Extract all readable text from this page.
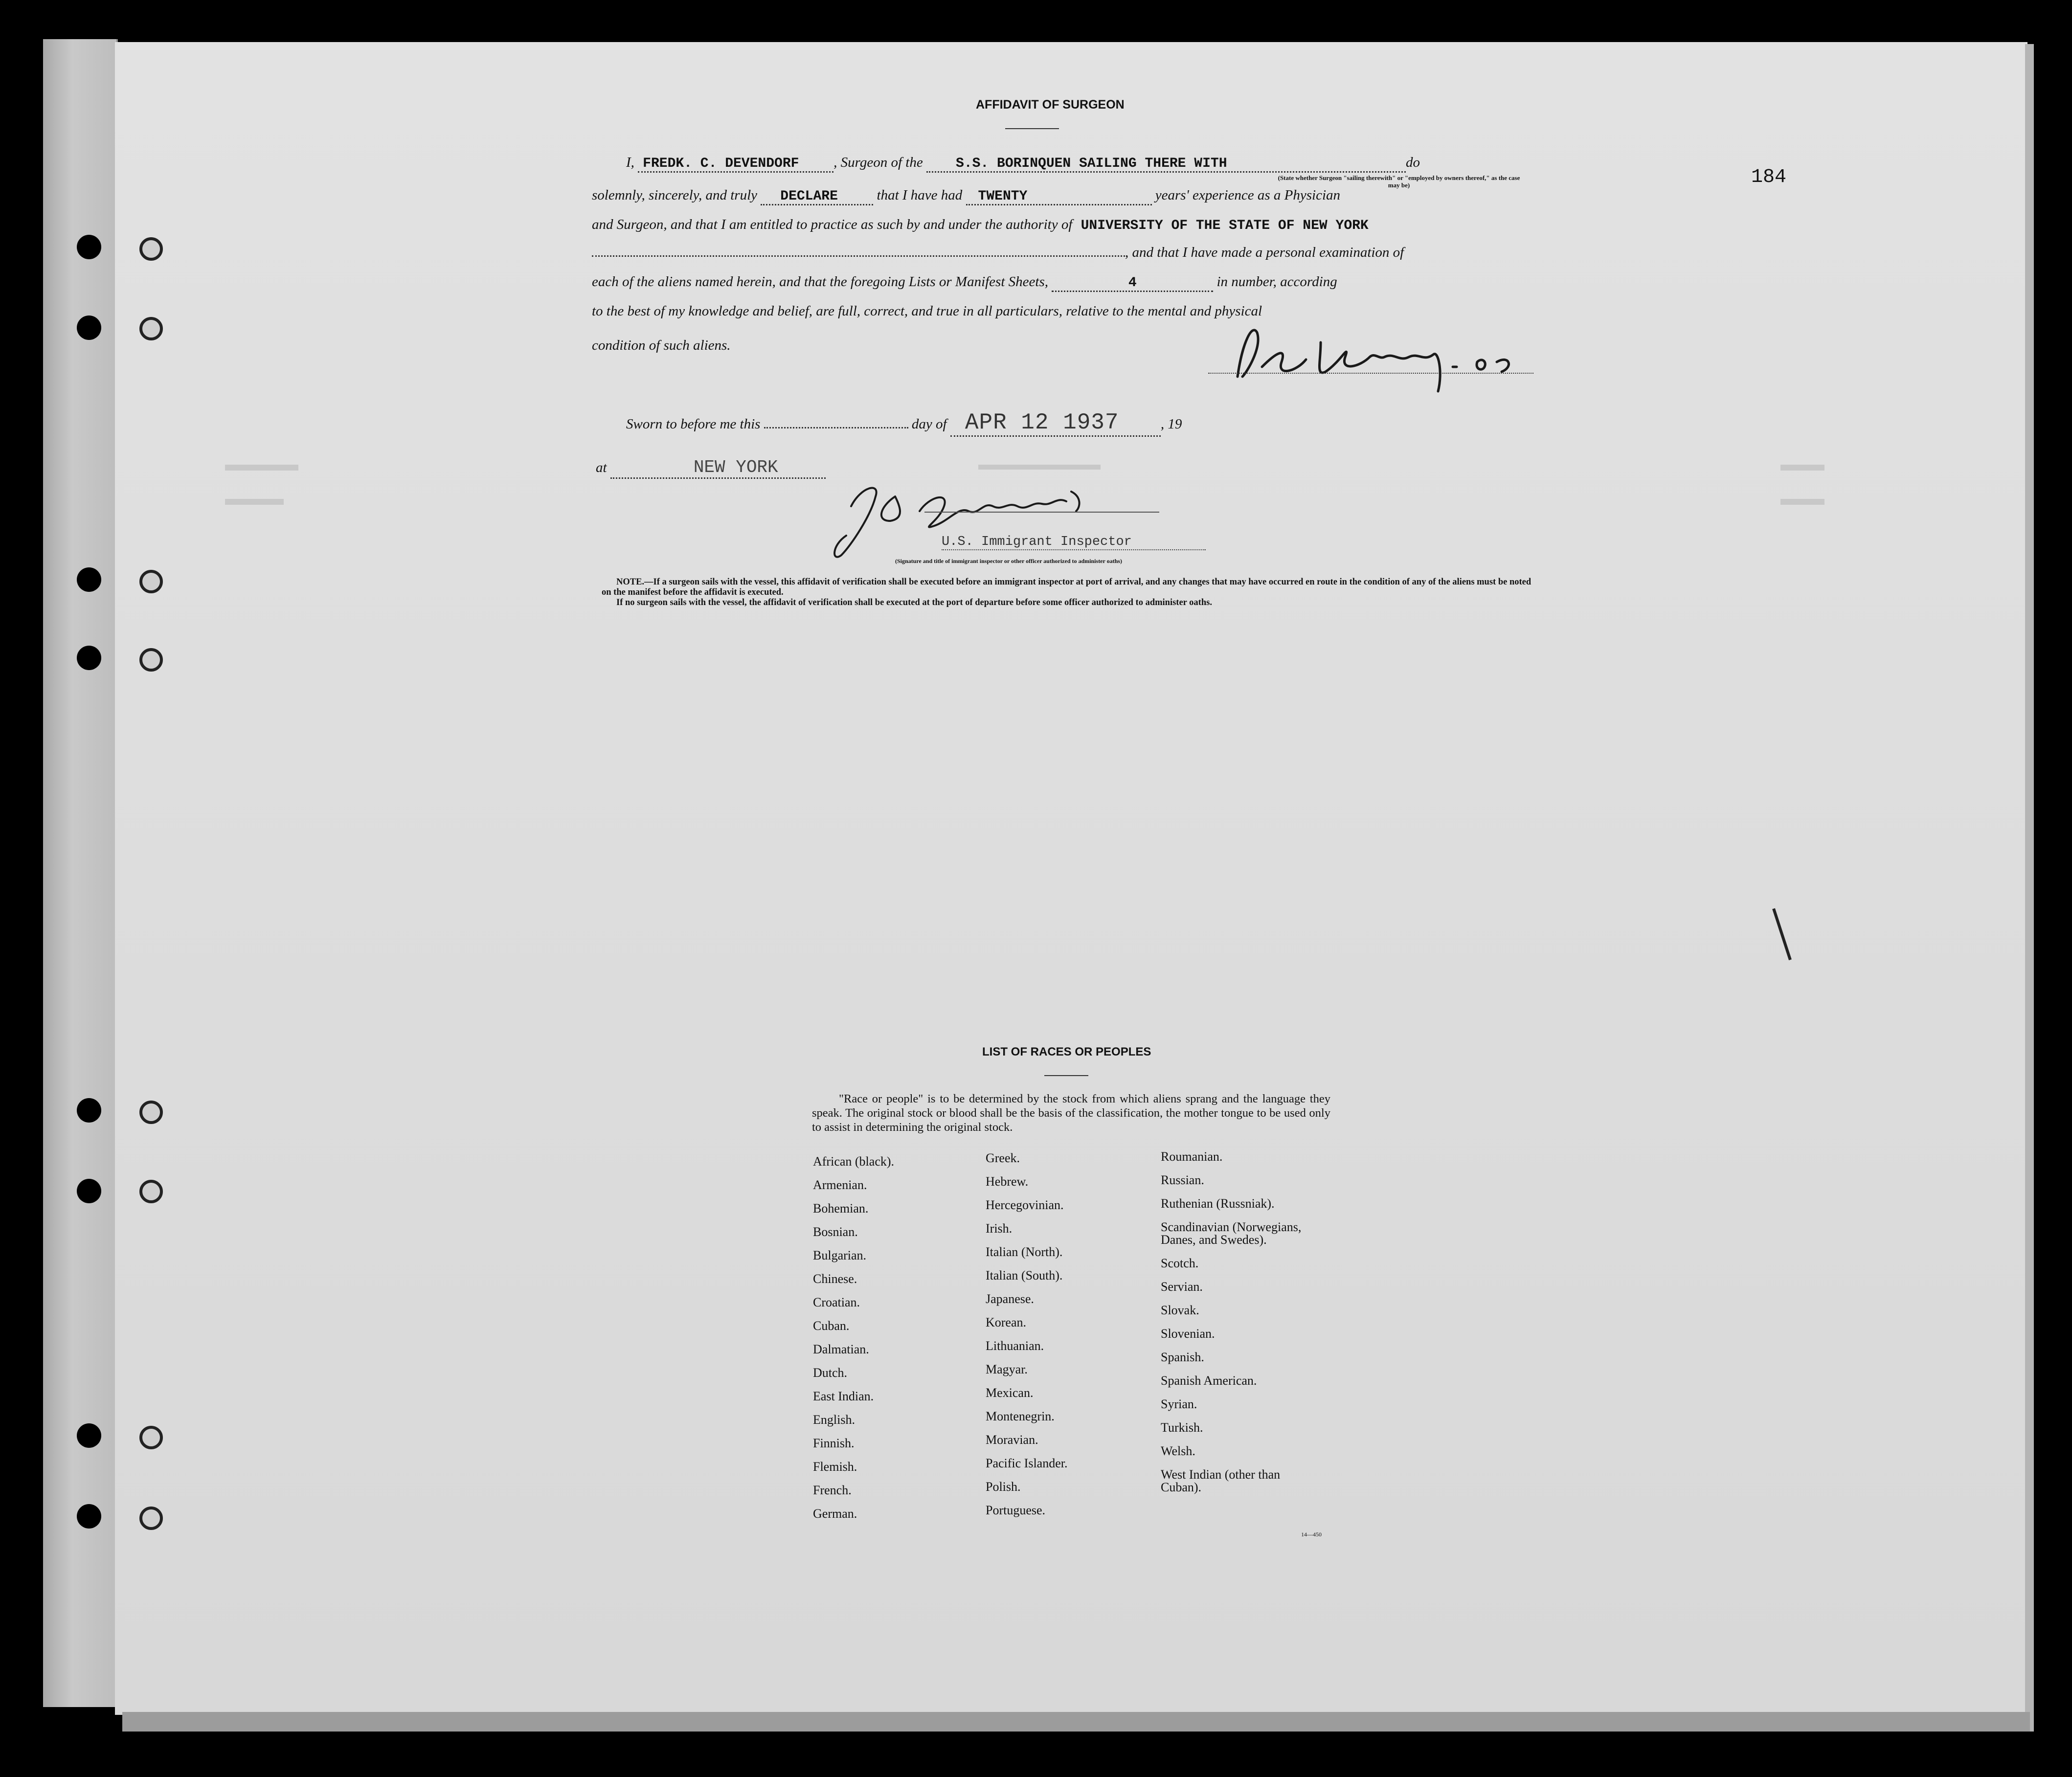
184
AFFIDAVIT OF SURGEON
I, FREDK. C. DEVENDORF , Surgeon of the S.S. BORINQUEN SAILING THERE WITH	do
(State whether Surgeon "sailing therewith" or "employed by owners thereof," as the case may be)
solemnly, sincerely, and truly DECLARE	that I have had TWENTY	years' experience as a Physician
and Surgeon, and that I am entitled to practice as such by and under the authority of UNIVERSITY OF THE STATE OF NEW YORK
, and that I have made a personal examination of
each of the aliens named herein, and that the foregoing Lists or Manifest Sheets,	4	in number, according
to the best of my knowledge and belief, are full, correct, and true in all particulars, relative to the mental and physical
condition of such aliens.
Sworn to before me this	day of APR 12 1937	, 19
at	NEW YORK
U.S. Immigrant Inspector
(Signature and title of immigrant inspector or other officer authorized to administer oaths)
NOTE.—If a surgeon sails with the vessel, this affidavit of verification shall be executed before an immigrant inspector at port of arrival, and any changes that may have occurred en route in the condition of any of the aliens must be noted on the manifest before the affidavit is executed.
If no surgeon sails with the vessel, the affidavit of verification shall be executed at the port of departure before some officer authorized to administer oaths.
LIST OF RACES OR PEOPLES
"Race or people" is to be determined by the stock from which aliens sprang and the language they speak. The original stock or blood shall be the basis of the classification, the mother tongue to be used only to assist in determining the original stock.
African (black).
Armenian.
Bohemian.
Bosnian.
Bulgarian.
Chinese.
Croatian.
Cuban.
Dalmatian.
Dutch.
East Indian.
English.
Finnish.
Flemish.
French.
German.
Greek.
Hebrew.
Hercegovinian.
Irish.
Italian (North).
Italian (South).
Japanese.
Korean.
Lithuanian.
Magyar.
Mexican.
Montenegrin.
Moravian.
Pacific Islander.
Polish.
Portuguese.
Roumanian.
Russian.
Ruthenian (Russniak).
Scandinavian (Norwegians, Danes, and Swedes).
Scotch.
Servian.
Slovak.
Slovenian.
Spanish.
Spanish American.
Syrian.
Turkish.
Welsh.
West Indian (other than Cuban).
14—450
